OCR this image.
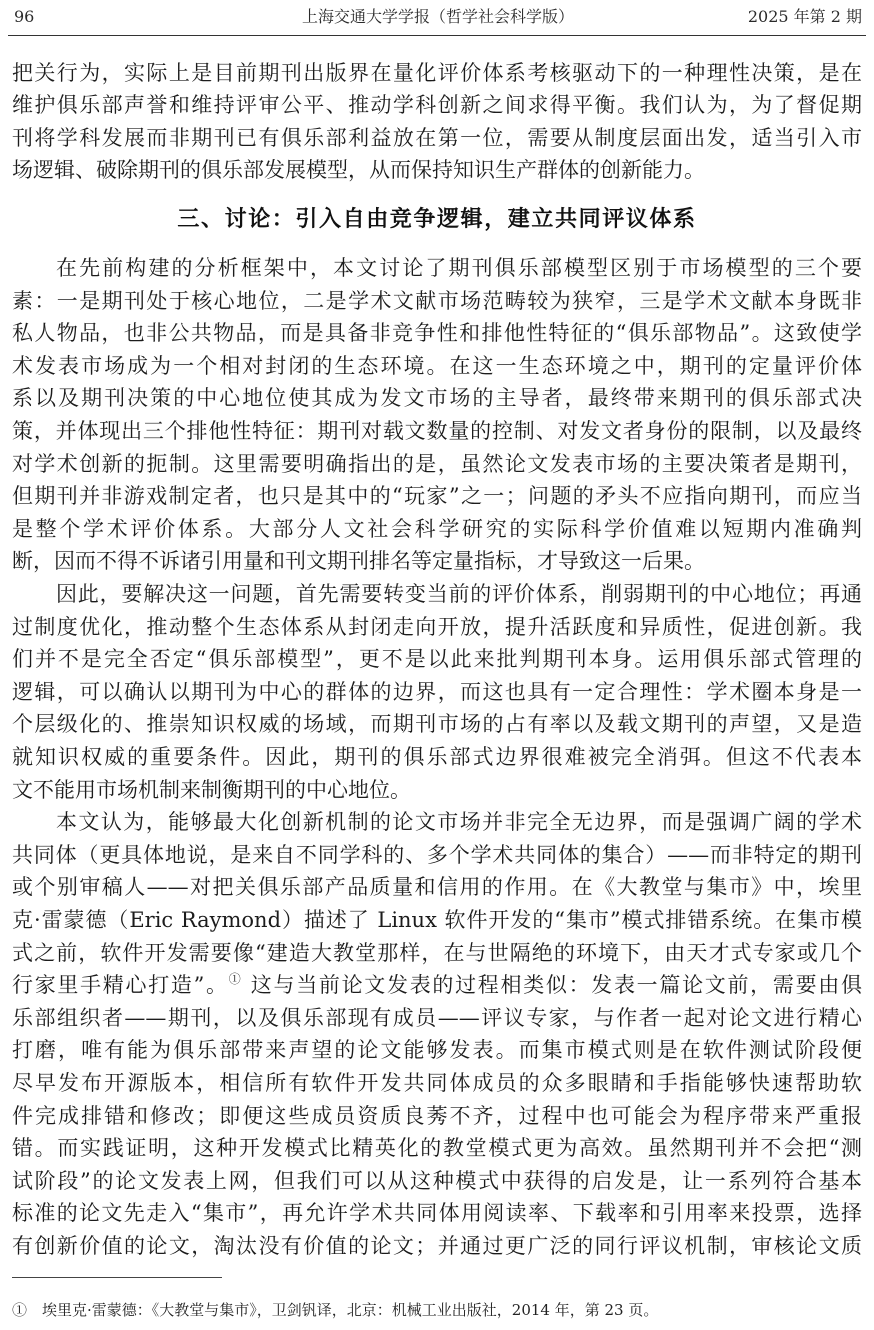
96	上海交通大学学报（哲学社会科学版）	2025 年第 2 期
把关行为，实际上是目前期刊出版界在量化评价体系考核驱动下的一种理性决策，是在
维护俱乐部声誉和维持评审公平、推动学科创新之间求得平衡。我们认为，为了督促期
刊将学科发展而非期刊已有俱乐部利益放在第一位，需要从制度层面出发，适当引入市
场逻辑、破除期刊的俱乐部发展模型，从而保持知识生产群体的创新能力。
三、讨论：引入自由竞争逻辑，建立共同评议体系
在先前构建的分析框架中，本文讨论了期刊俱乐部模型区别于市场模型的三个要
素：一是期刊处于核心地位，二是学术文献市场范畴较为狭窄，三是学术文献本身既非
私人物品，也非公共物品，而是具备非竞争性和排他性特征的“俱乐部物品”。这致使学
术发表市场成为一个相对封闭的生态环境。在这一生态环境之中，期刊的定量评价体
系以及期刊决策的中心地位使其成为发文市场的主导者，最终带来期刊的俱乐部式决
策，并体现出三个排他性特征：期刊对载文数量的控制、对发文者身份的限制，以及最终
对学术创新的扼制。这里需要明确指出的是，虽然论文发表市场的主要决策者是期刊，
但期刊并非游戏制定者，也只是其中的“玩家”之一；问题的矛头不应指向期刊，而应当
是整个学术评价体系。大部分人文社会科学研究的实际科学价值难以短期内准确判
断，因而不得不诉诸引用量和刊文期刊排名等定量指标，才导致这一后果。
因此，要解决这一问题，首先需要转变当前的评价体系，削弱期刊的中心地位；再通
过制度优化，推动整个生态体系从封闭走向开放，提升活跃度和异质性，促进创新。我
们并不是完全否定“俱乐部模型”，更不是以此来批判期刊本身。运用俱乐部式管理的
逻辑，可以确认以期刊为中心的群体的边界，而这也具有一定合理性：学术圈本身是一
个层级化的、推崇知识权威的场域，而期刊市场的占有率以及载文期刊的声望，又是造
就知识权威的重要条件。因此，期刊的俱乐部式边界很难被完全消弭。但这不代表本
文不能用市场机制来制衡期刊的中心地位。
本文认为，能够最大化创新机制的论文市场并非完全无边界，而是强调广阔的学术
共同体（更具体地说，是来自不同学科的、多个学术共同体的集合）——而非特定的期刊
或个别审稿人——对把关俱乐部产品质量和信用的作用。在《大教堂与集市》中，埃里
克·雷蒙德（Eric Raymond）描述了 Linux 软件开发的“集市”模式排错系统。在集市模
式之前，软件开发需要像“建造大教堂那样，在与世隔绝的环境下，由天才式专家或几个
行家里手精心打造”。① 这与当前论文发表的过程相类似：发表一篇论文前，需要由俱
乐部组织者——期刊，以及俱乐部现有成员——评议专家，与作者一起对论文进行精心
打磨，唯有能为俱乐部带来声望的论文能够发表。而集市模式则是在软件测试阶段便
尽早发布开源版本，相信所有软件开发共同体成员的众多眼睛和手指能够快速帮助软
件完成排错和修改；即便这些成员资质良莠不齐，过程中也可能会为程序带来严重报
错。而实践证明，这种开发模式比精英化的教堂模式更为高效。虽然期刊并不会把“测
试阶段”的论文发表上网，但我们可以从这种模式中获得的启发是，让一系列符合基本
标准的论文先走入“集市”，再允许学术共同体用阅读率、下载率和引用率来投票，选择
有创新价值的论文，淘汰没有价值的论文；并通过更广泛的同行评议机制，审核论文质
① 埃里克·雷蒙德：《大教堂与集市》，卫剑钒译，北京：机械工业出版社，2014 年，第 23 页。
